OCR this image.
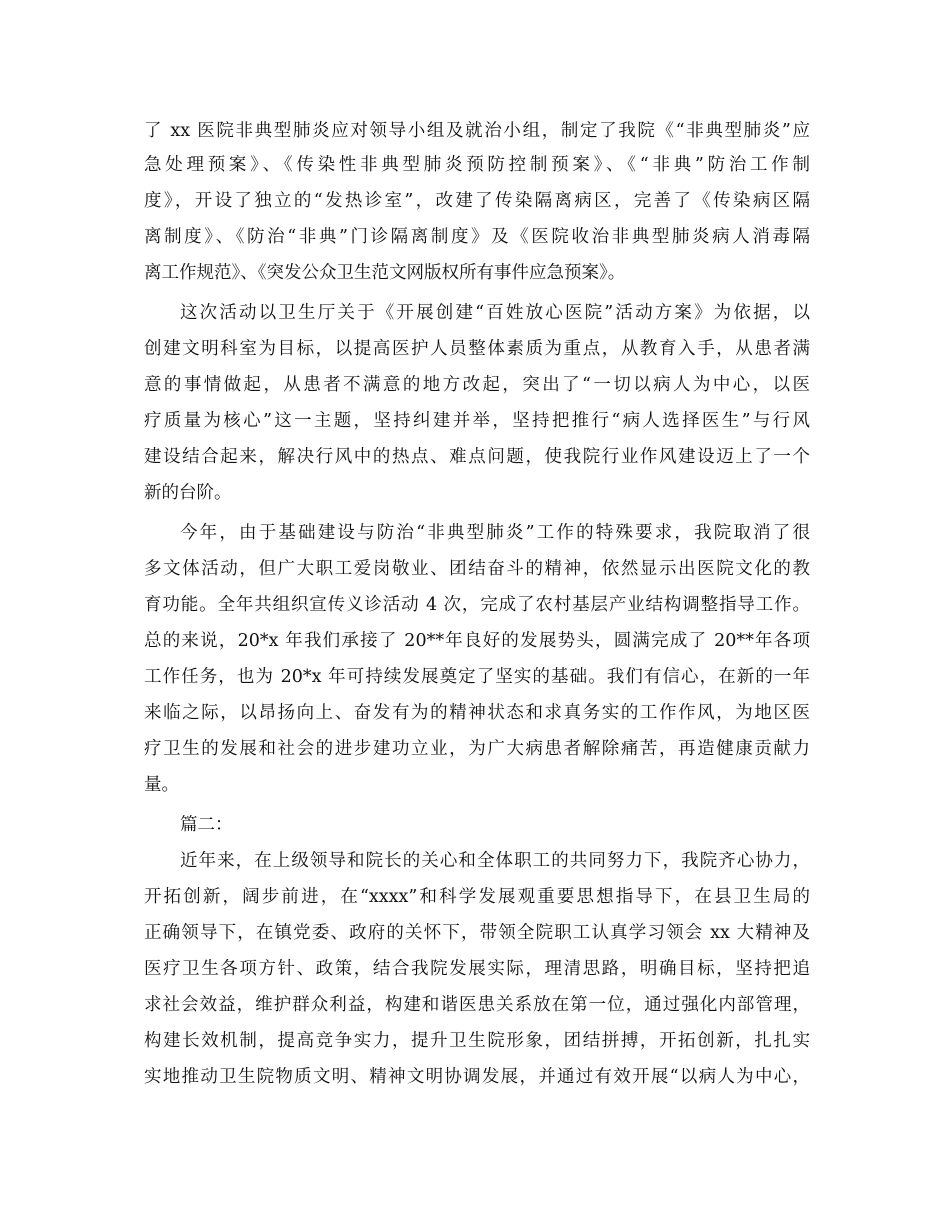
了 xx 医院非典型肺炎应对领导小组及就治小组，制定了我院《“非典型肺炎”应
急处理预案》、《传染性非典型肺炎预防控制预案》、《“非典”防治工作制
度》，开设了独立的“发热诊室”，改建了传染隔离病区，完善了《传染病区隔
离制度》、《防治“非典”门诊隔离制度》及《医院收治非典型肺炎病人消毒隔
离工作规范》、《突发公众卫生范文网版权所有事件应急预案》。
这次活动以卫生厅关于《开展创建“百姓放心医院”活动方案》为依据，以
创建文明科室为目标，以提高医护人员整体素质为重点，从教育入手，从患者满
意的事情做起，从患者不满意的地方改起，突出了“一切以病人为中心，以医
疗质量为核心”这一主题，坚持纠建并举，坚持把推行“病人选择医生”与行风
建设结合起来，解决行风中的热点、难点问题，使我院行业作风建设迈上了一个
新的台阶。
今年，由于基础建设与防治“非典型肺炎”工作的特殊要求，我院取消了很
多文体活动，但广大职工爱岗敬业、团结奋斗的精神，依然显示出医院文化的教
育功能。全年共组织宣传义诊活动 4 次，完成了农村基层产业结构调整指导工作。
总的来说，20*x 年我们承接了 20**年良好的发展势头，圆满完成了 20**年各项
工作任务，也为 20*x 年可持续发展奠定了坚实的基础。我们有信心，在新的一年
来临之际，以昂扬向上、奋发有为的精神状态和求真务实的工作作风，为地区医
疗卫生的发展和社会的进步建功立业，为广大病患者解除痛苦，再造健康贡献力
量。
篇二：
近年来，在上级领导和院长的关心和全体职工的共同努力下，我院齐心协力，
开拓创新，阔步前进，在“xxxx”和科学发展观重要思想指导下，在县卫生局的
正确领导下，在镇党委、政府的关怀下，带领全院职工认真学习领会 xx 大精神及
医疗卫生各项方针、政策，结合我院发展实际，理清思路，明确目标，坚持把追
求社会效益，维护群众利益，构建和谐医患关系放在第一位，通过强化内部管理，
构建长效机制，提高竞争实力，提升卫生院形象，团结拼搏，开拓创新，扎扎实
实地推动卫生院物质文明、精神文明协调发展，并通过有效开展“以病人为中心，
